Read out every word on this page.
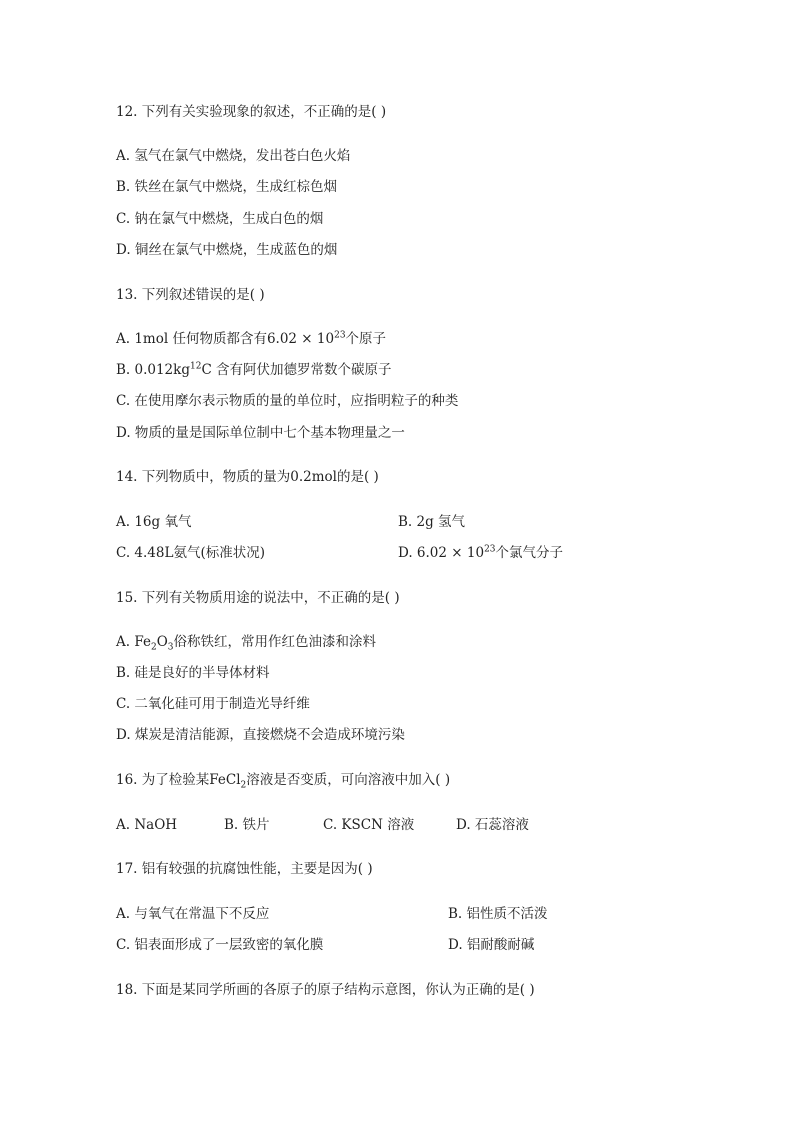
12. 下列有关实验现象的叙述，不正确的是( )
A. 氢气在氯气中燃烧，发出苍白色火焰
B. 铁丝在氯气中燃烧，生成红棕色烟
C. 钠在氯气中燃烧，生成白色的烟
D. 铜丝在氯气中燃烧，生成蓝色的烟
13. 下列叙述错误的是( )
A. 1mol 任何物质都含有$6.02 \times 10^{23}$个原子
B. $0.012kg^{12}C$ 含有阿伏加德罗常数个碳原子
C. 在使用摩尔表示物质的量的单位时，应指明粒子的种类
D. 物质的量是国际单位制中七个基本物理量之一
14. 下列物质中，物质的量为0.2mol的是( )
A. 16g 氧气	B. 2g 氢气
C. 4.48L氨气(标准状况)	D. $6.02 \times 10^{23}$个氯气分子
15. 下列有关物质用途的说法中，不正确的是( )
A. $Fe_2O_3$俗称铁红，常用作红色油漆和涂料
B. 硅是良好的半导体材料
C. 二氧化硅可用于制造光导纤维
D. 煤炭是清洁能源，直接燃烧不会造成环境污染
16. 为了检验某FeCl$_2$溶液是否变质，可向溶液中加入( )
A. NaOH	B. 铁片	C. KSCN 溶液	D. 石蕊溶液
17. 铝有较强的抗腐蚀性能，主要是因为( )
A. 与氧气在常温下不反应	B. 铝性质不活泼
C. 铝表面形成了一层致密的氧化膜	D. 铝耐酸耐碱
18. 下面是某同学所画的各原子的原子结构示意图，你认为正确的是( )
